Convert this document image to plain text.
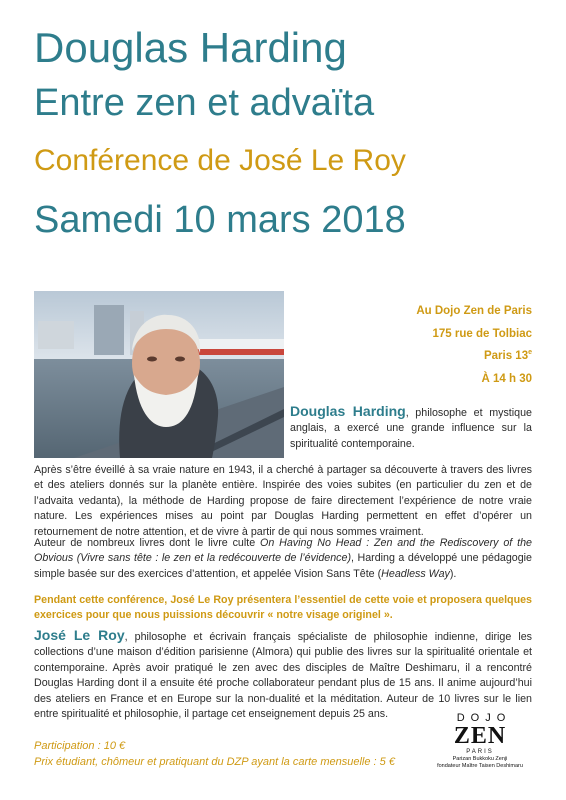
Douglas Harding
Entre zen et advaïta
Conférence de José Le Roy
Samedi 10 mars 2018
Au Dojo Zen de Paris
175 rue de Tolbiac
Paris 13e
À 14 h 30
Douglas Harding, philosophe et mystique anglais, a exercé une grande influence sur la spiritualité contemporaine.
Après s’être éveillé à sa vraie nature en 1943, il a cherché à partager sa découverte à travers des livres et des ateliers donnés sur la planète entière. Inspirée des voies subites (en particulier du zen et de l’advaita vedanta), la méthode de Harding propose de faire directement l’expérience de notre vraie nature. Les expériences mises au point par Douglas Harding permettent en effet d’opérer un retournement de notre attention, et de vivre à partir de qui nous sommes vraiment.
Auteur de nombreux livres dont le livre culte On Having No Head : Zen and the Rediscovery of the Obvious (Vivre sans tête : le zen et la redécouverte de l’évidence), Harding a développé une pédagogie simple basée sur des exercices d’attention, et appelée Vision Sans Tête (Headless Way).
Pendant cette conférence, José Le Roy présentera l’essentiel de cette voie et proposera quelques exercices pour que nous puissions découvrir « notre visage originel ».
José Le Roy, philosophe et écrivain français spécialiste de philosophie indienne, dirige les collections d’une maison d’édition parisienne (Almora) qui publie des livres sur la spiritualité orientale et contemporaine. Après avoir pratiqué le zen avec des disciples de Maître Deshimaru, il a rencontré Douglas Harding dont il a ensuite été proche collaborateur pendant plus de 15 ans. Il anime aujourd’hui des ateliers en France et en Europe sur la non-dualité et la méditation. Auteur de 10 livres sur le lien entre spiritualité et philosophie, il partage cet enseignement depuis 25 ans.
Participation : 10 €
Prix étudiant, chômeur et pratiquant du DZP ayant la carte mensuelle : 5 €
DOJO
ZEN
PARIS
Parizan Bukkoku Zenji
fondateur Maître Taisen Deshimaru
